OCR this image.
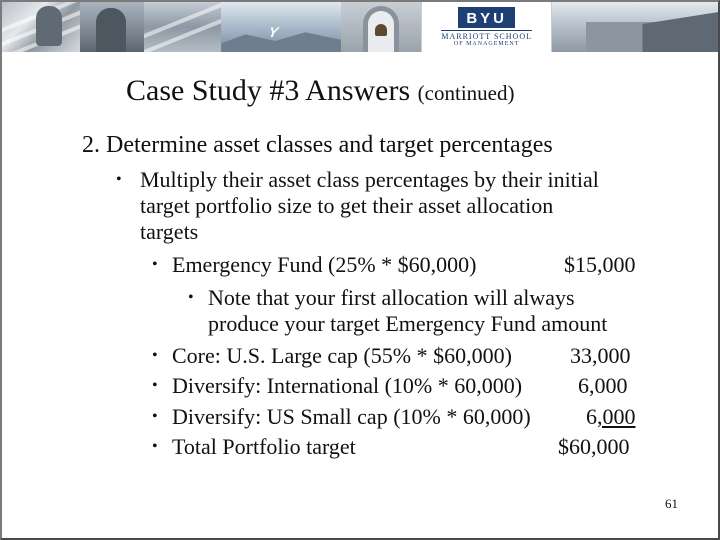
Y
BYU
MARRIOTT SCHOOL
OF MANAGEMENT
Case Study #3 Answers (continued)
2. Determine asset classes and target percentages
• Multiply their asset class percentages by their initial
target portfolio size to get their asset allocation
targets
• Emergency Fund (25% * $60,000)	$15,000
• Note that your first allocation will always
produce your target Emergency Fund amount
• Core: U.S. Large cap (55% * $60,000)	33,000
• Diversify: International (10% * 60,000)	6,000
• Diversify: US Small cap (10% * 60,000)	6,000
• Total Portfolio target	$60,000
61
